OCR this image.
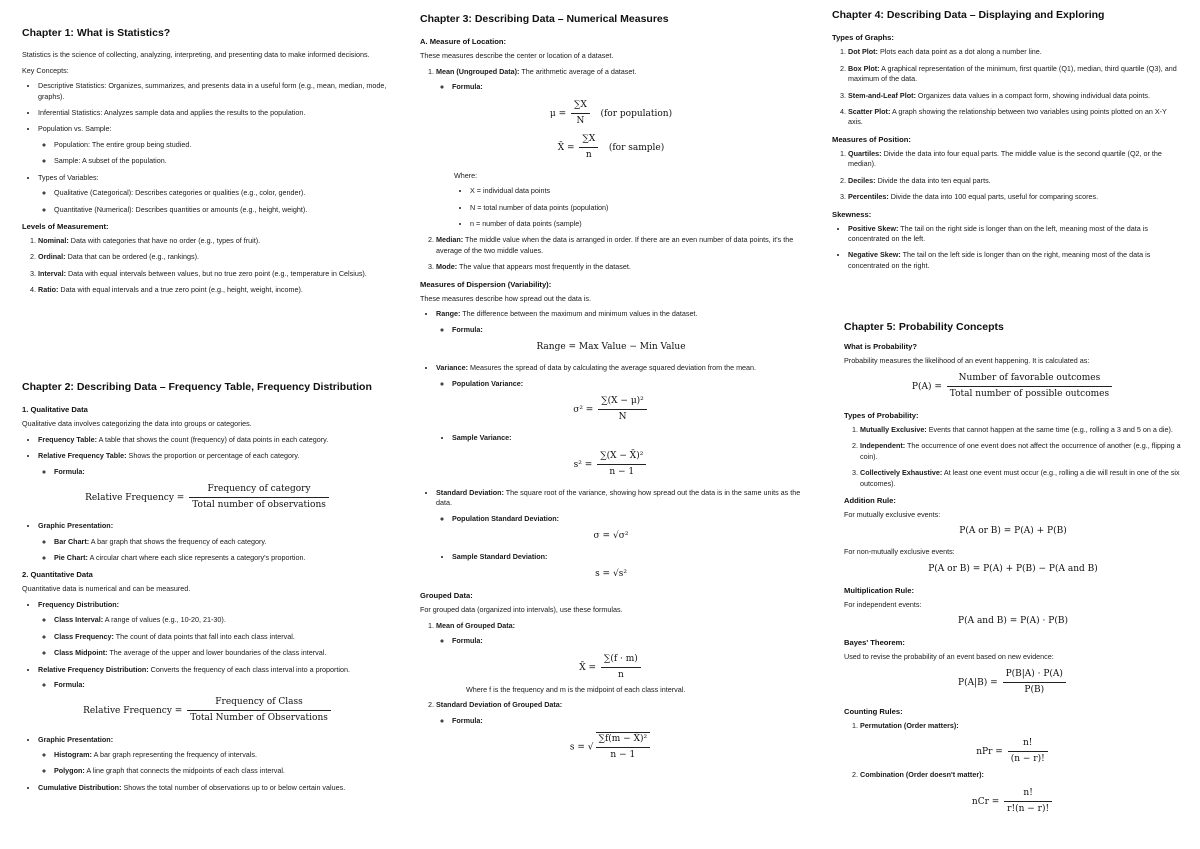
Chapter 1: What is Statistics?

Statistics is the science of collecting, analyzing, interpreting, and presenting data to make informed decisions.

Key Concepts:

• Descriptive Statistics: Organizes, summarizes, and presents data in a useful form (e.g., mean, median, mode, graphs).
• Inferential Statistics: Analyzes sample data and applies the results to the population.
• Population vs. Sample:
◦ Population: The entire group being studied.
◦ Sample: A subset of the population.
• Types of Variables:
◦ Qualitative (Categorical): Describes categories or qualities (e.g., color, gender).
◦ Quantitative (Numerical): Describes quantities or amounts (e.g., height, weight).
Levels of Measurement:
1. Nominal: Data with categories that have no order (e.g., types of fruit).
2. Ordinal: Data that can be ordered (e.g., rankings).
3. Interval: Data with equal intervals between values, but no true zero point (e.g., temperature in Celsius).
4. Ratio: Data with equal intervals and a true zero point (e.g., height, weight, income).
Chapter 2: Describing Data – Frequency Table, Frequency Distribution
1. Qualitative Data

Qualitative data involves categorizing the data into groups or categories.

• Frequency Table: A table that shows the count (frequency) of data points in each category.
• Relative Frequency Table: Shows the proportion or percentage of each category.
◦ Formula:
Relative Frequency = $\frac{\text{Frequency of category}}{\text{Total number of observations}}$
• Graphic Presentation:
◦ Bar Chart: A bar graph that shows the frequency of each category.
◦ Pie Chart: A circular chart where each slice represents a category's proportion.
2. Quantitative Data

Quantitative data is numerical and can be measured.

• Frequency Distribution:
◦ Class Interval: A range of values (e.g., 10-20, 21-30).
◦ Class Frequency: The count of data points that fall into each class interval.
◦ Class Midpoint: The average of the upper and lower boundaries of the class interval.
• Relative Frequency Distribution: Converts the frequency of each class interval into a proportion.
◦ Formula:
Relative Frequency = $\frac{\text{Frequency of Class}}{\text{Total Number of Observations}}$
• Graphic Presentation:
◦ Histogram: A bar graph representing the frequency of intervals.
◦ Polygon: A line graph that connects the midpoints of each class interval.
• Cumulative Distribution: Shows the total number of observations up to or below certain values.
Chapter 3: Describing Data – Numerical Measures
A. Measure of Location:

These measures describe the center or location of a dataset.

1. Mean (Ungrouped Data): The arithmetic average of a dataset.
◦ Formula:
$\mu = \frac{\sum X}{N} (for$ population)
X̄ = $\frac{\sum X}{n} (for$ sample)

Where:

• X = individual data points
• N = total number of data points (population)
• n = number of data points (sample)
2. Median: The middle value when the data is arranged in order. If there are an even number of data points, it's the average of the two middle values.
3. Mode: The value that appears most frequently in the dataset.
Measures of Dispersion (Variability):

These measures describe how spread out the data is.

• Range: The difference between the maximum and minimum values in the dataset.
◦ Formula:
Range = Max Value − Min Value
• Variance: Measures the spread of data by calculating the average squared deviation from the mean.
◦ Population Variance:
$\sigma^2 = \frac{\text{∑(X − μ)²}}{N}$
• Sample Variance:
$s^2 = \frac{\text{∑(X − X̄)²}}{n - 1}$
• Standard Deviation: The square root of the variance, showing how spread out the data is in the same units as the data.
◦ Population Standard Deviation:
σ = √σ²
• Sample Standard Deviation:
s = √s²
Grouped Data:

For grouped data (organized into intervals), use these formulas.

1. Mean of Grouped Data:
◦ Formula:
X̄ = $\frac{\sum(f \cdot m)}{n}$

Where f is the frequency and m is the midpoint of each class interval.

2. Standard Deviation of Grouped Data:
◦ Formula:
s = √ $\frac{\text{∑f(m − X̄)²}}{n - 1}$
Chapter 4: Describing Data – Displaying and Exploring
Types of Graphs:
1. Dot Plot: Plots each data point as a dot along a number line.
2. Box Plot: A graphical representation of the minimum, first quartile (Q1), median, third quartile (Q3), and maximum of the data.
3. Stem-and-Leaf Plot: Organizes data values in a compact form, showing individual data points.
4. Scatter Plot: A graph showing the relationship between two variables using points plotted on an X-Y axis.
Measures of Position:
1. Quartiles: Divide the data into four equal parts. The middle value is the second quartile (Q2, or the median).
2. Deciles: Divide the data into ten equal parts.
3. Percentiles: Divide the data into 100 equal parts, useful for comparing scores.
Skewness:
• Positive Skew: The tail on the right side is longer than on the left, meaning most of the data is concentrated on the left.
• Negative Skew: The tail on the left side is longer than on the right, meaning most of the data is concentrated on the right.
Chapter 5: Probability Concepts
What is Probability?

Probability measures the likelihood of an event happening. It is calculated as:

$P(A) = \frac{\text{Number of favorable outcomes}}{\text{Total number of possible outcomes}}$
Types of Probability:
1. Mutually Exclusive: Events that cannot happen at the same time (e.g., rolling a 3 and 5 on a die).
2. Independent: The occurrence of one event does not affect the occurrence of another (e.g., flipping a coin).
3. Collectively Exhaustive: At least one event must occur (e.g., rolling a die will result in one of the six outcomes).
Addition Rule:

For mutually exclusive events:

P(A or B) = P(A) + P(B)

For non-mutually exclusive events:

P(A or B) = P(A) + P(B) − P(A and B)
Multiplication Rule:

For independent events:

P(A and B) = P(A) · P(B)
Bayes' Theorem:

Used to revise the probability of an event based on new evidence:

$P(A|B) = \frac{P(B|A) \cdot P(A)}{P(B)}$
Counting Rules:
1. Permutation (Order matters):
nPr = $\frac{n!}{(n - r)!}$
2. Combination (Order doesn't matter):
nCr = $\frac{n!}{r!(n - r)!}$
